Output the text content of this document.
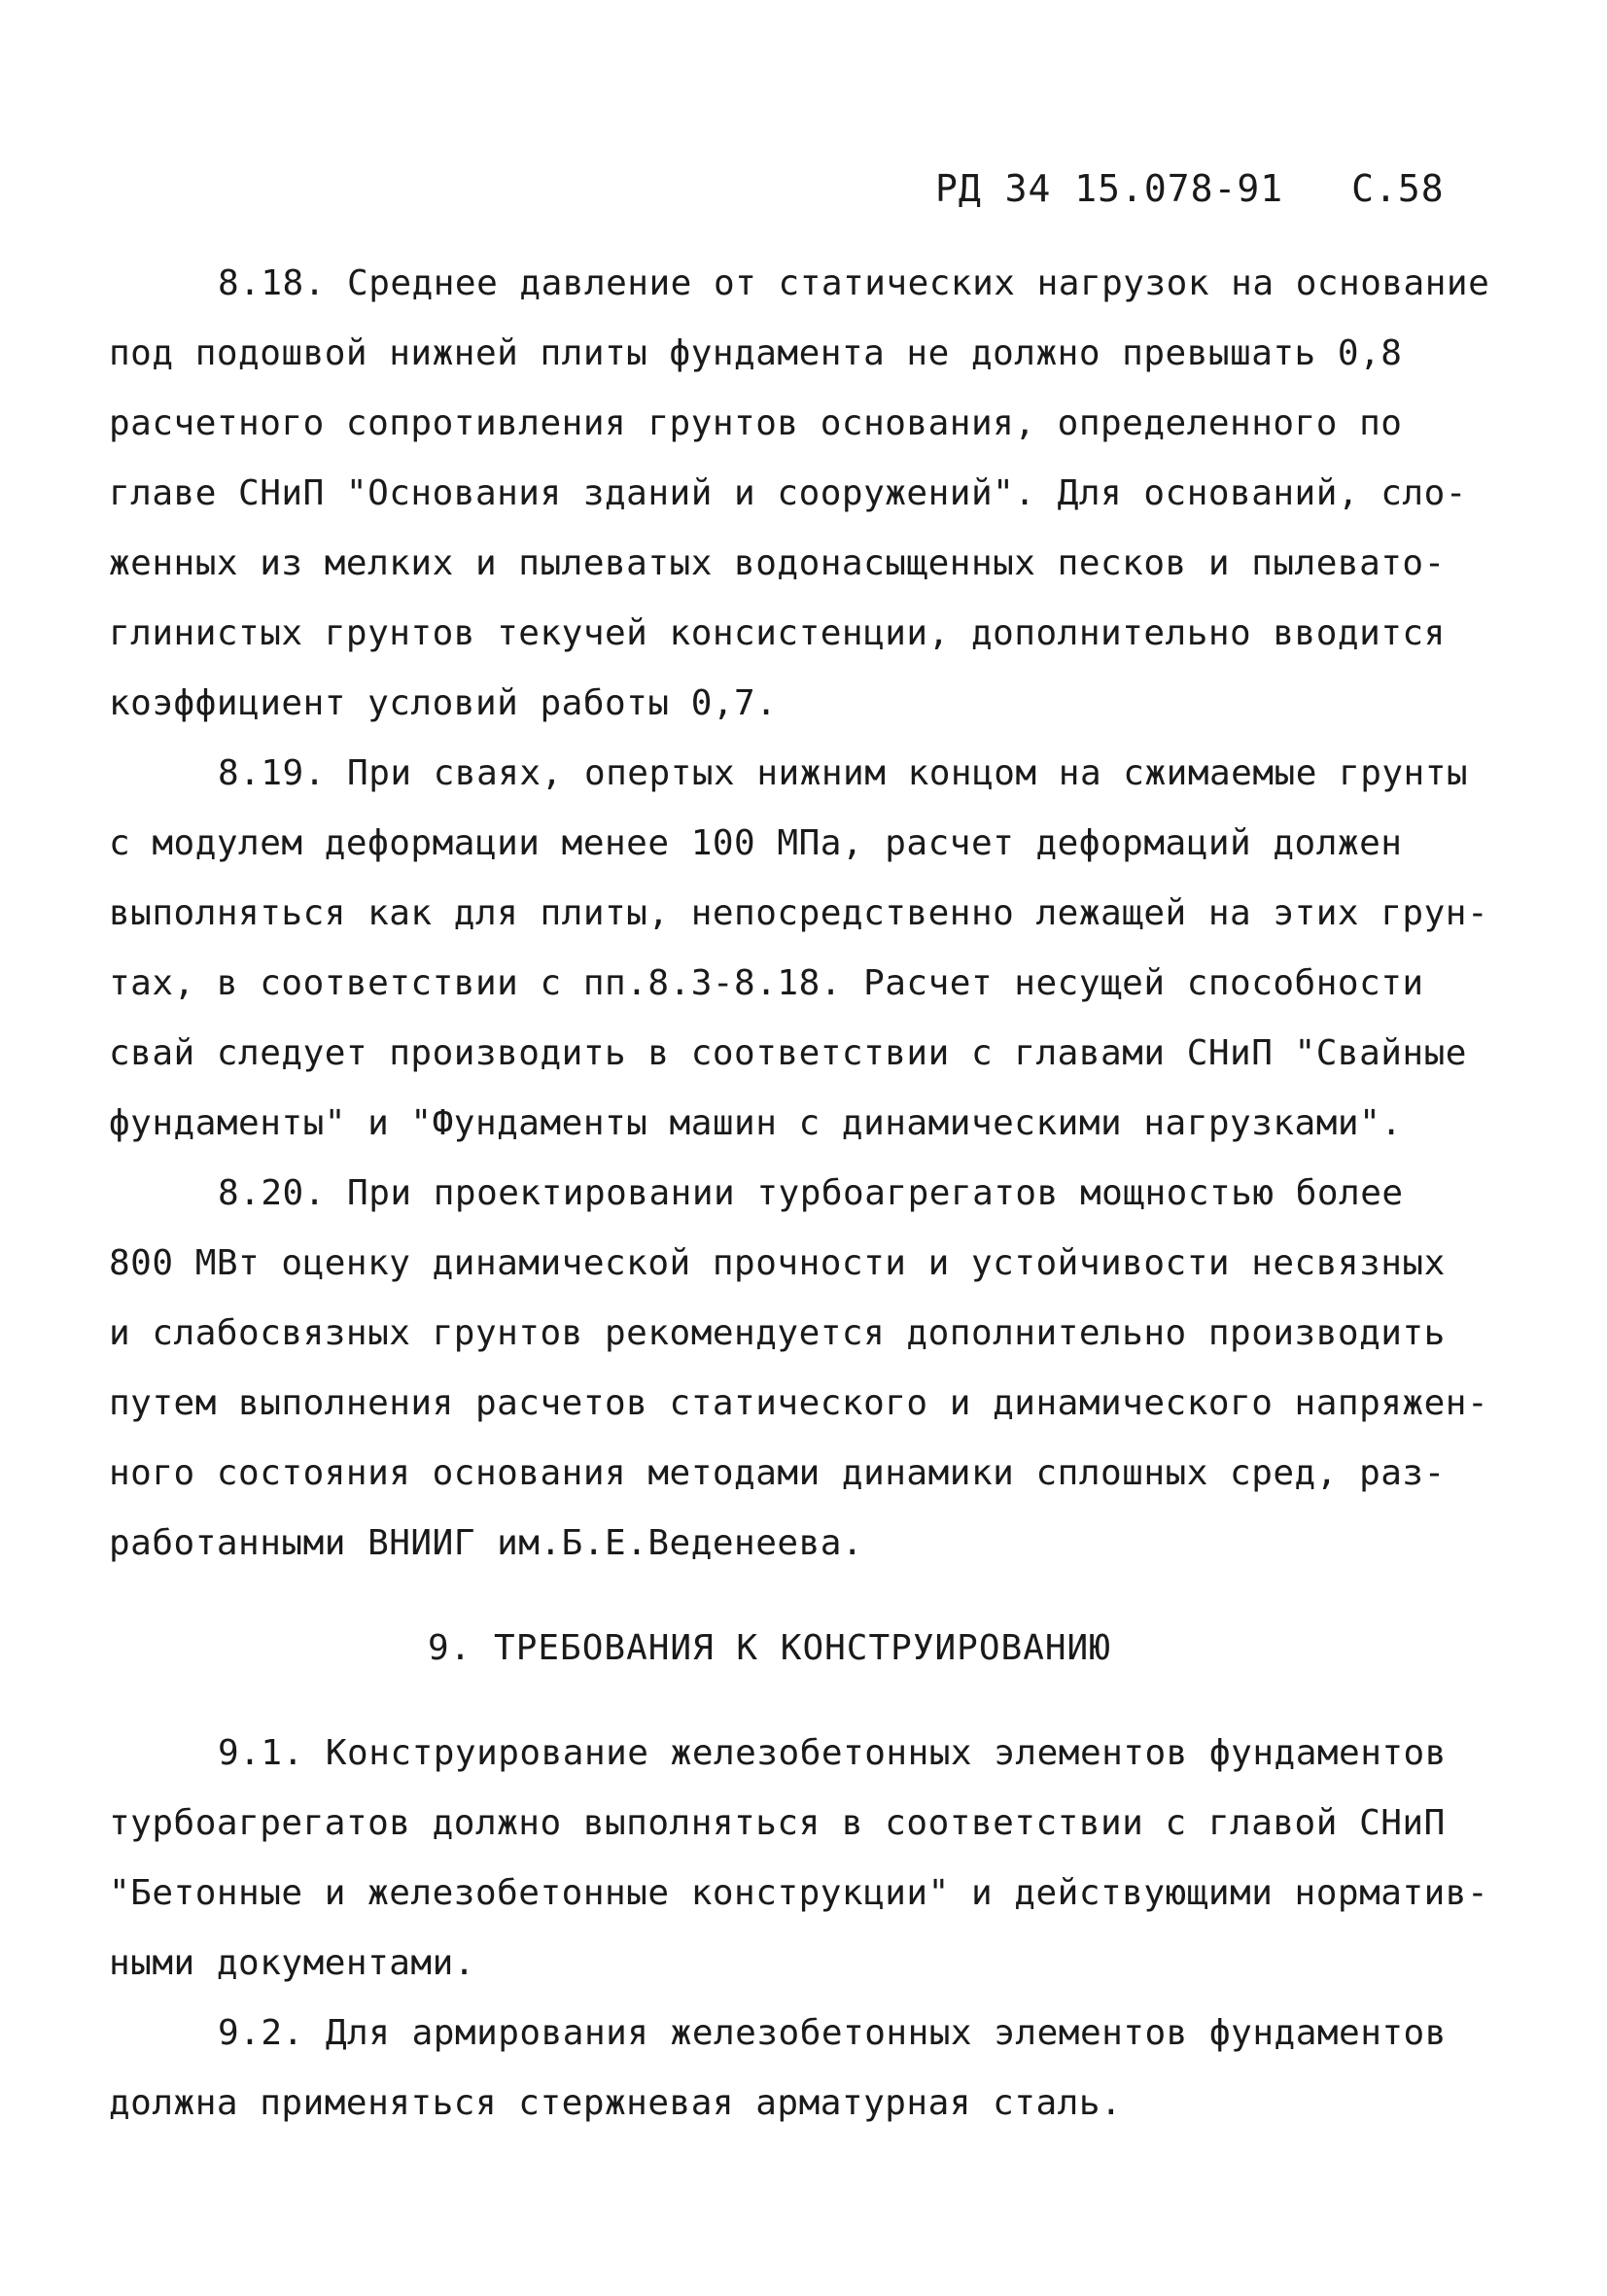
РД 34 15.078-91 С.58
8.18. Среднее давление от статических нагрузок на основание
под подошвой нижней плиты фундамента не должно превышать 0,8
расчетного сопротивления грунтов основания, определенного по
главе СНиП "Основания зданий и сооружений". Для оснований, сло-
женных из мелких и пылеватых водонасыщенных песков и пылевато-
глинистых грунтов текучей консистенции, дополнительно вводится
коэффициент условий работы 0,7.
8.19. При сваях, опертых нижним концом на сжимаемые грунты
с модулем деформации менее 100 МПа, расчет деформаций должен
выполняться как для плиты, непосредственно лежащей на этих грун-
тах, в соответствии с пп.8.3-8.18. Расчет несущей способности
свай следует производить в соответствии с главами СНиП "Свайные
фундаменты" и "Фундаменты машин с динамическими нагрузками".
8.20. При проектировании турбоагрегатов мощностью более
800 МВт оценку динамической прочности и устойчивости несвязных
и слабосвязных грунтов рекомендуется дополнительно производить
путем выполнения расчетов статического и динамического напряжен-
ного состояния основания методами динамики сплошных сред, раз-
работанными ВНИИГ им.Б.Е.Веденеева.
9. ТРЕБОВАНИЯ К КОНСТРУИРОВАНИЮ
9.1. Конструирование железобетонных элементов фундаментов
турбоагрегатов должно выполняться в соответствии с главой СНиП
"Бетонные и железобетонные конструкции" и действующими норматив-
ными документами.
9.2. Для армирования железобетонных элементов фундаментов
должна применяться стержневая арматурная сталь.
